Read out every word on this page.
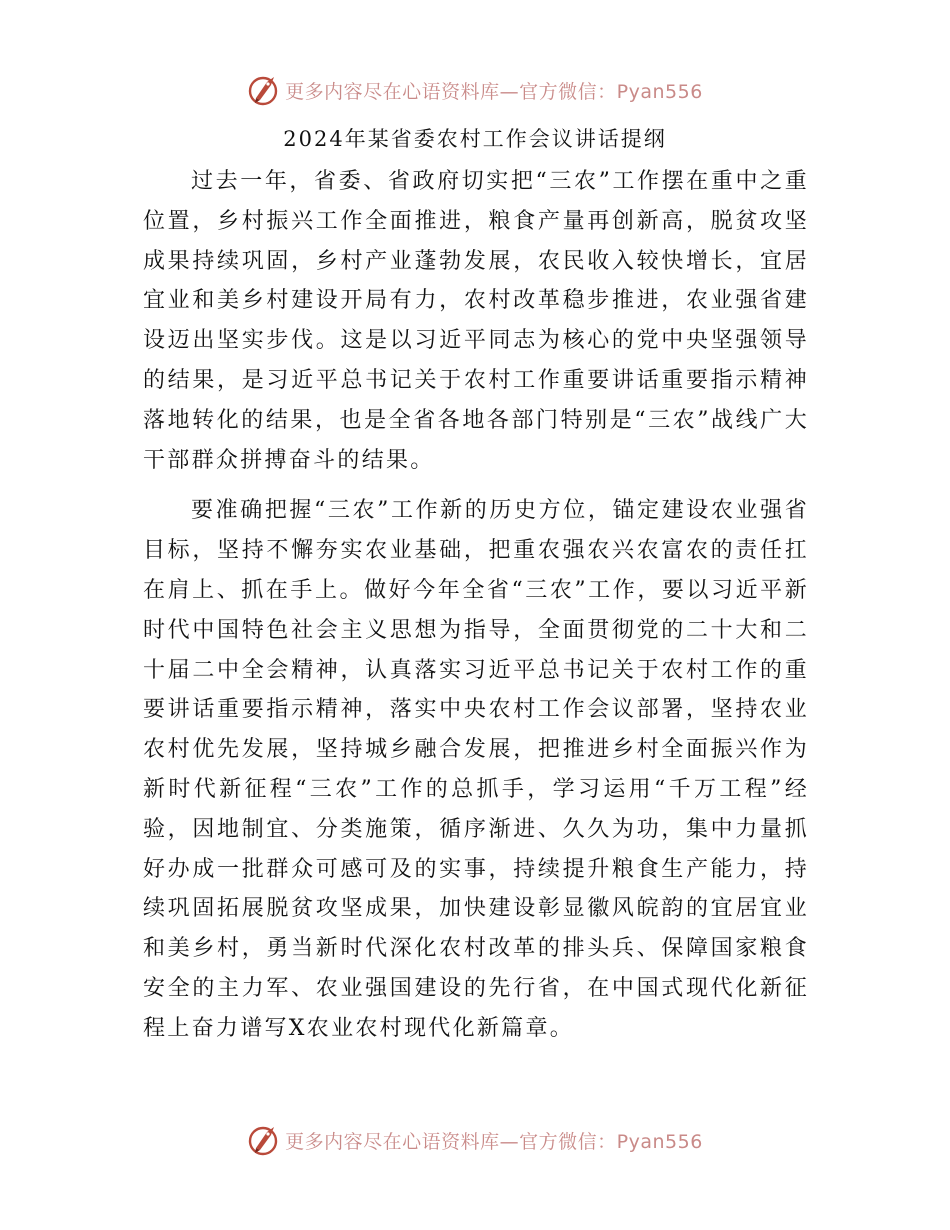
更多内容尽在心语资料库—官方微信：Pyan556
2024年某省委农村工作会议讲话提纲

过去一年，省委、省政府切实把“三农”工作摆在重中之重位置，乡村振兴工作全面推进，粮食产量再创新高，脱贫攻坚成果持续巩固，乡村产业蓬勃发展，农民收入较快增长，宜居宜业和美乡村建设开局有力，农村改革稳步推进，农业强省建设迈出坚实步伐。这是以习近平同志为核心的党中央坚强领导的结果，是习近平总书记关于农村工作重要讲话重要指示精神落地转化的结果，也是全省各地各部门特别是“三农”战线广大干部群众拼搏奋斗的结果。

要准确把握“三农”工作新的历史方位，锚定建设农业强省目标，坚持不懈夯实农业基础，把重农强农兴农富农的责任扛在肩上、抓在手上。做好今年全省“三农”工作，要以习近平新时代中国特色社会主义思想为指导，全面贯彻党的二十大和二十届二中全会精神，认真落实习近平总书记关于农村工作的重要讲话重要指示精神，落实中央农村工作会议部署，坚持农业农村优先发展，坚持城乡融合发展，把推进乡村全面振兴作为新时代新征程“三农”工作的总抓手，学习运用“千万工程”经验，因地制宜、分类施策，循序渐进、久久为功，集中力量抓好办成一批群众可感可及的实事，持续提升粮食生产能力，持续巩固拓展脱贫攻坚成果，加快建设彰显徽风皖韵的宜居宜业和美乡村，勇当新时代深化农村改革的排头兵、保障国家粮食安全的主力军、农业强国建设的先行省，在中国式现代化新征程上奋力谱写X农业农村现代化新篇章。

更多内容尽在心语资料库—官方微信：Pyan556
